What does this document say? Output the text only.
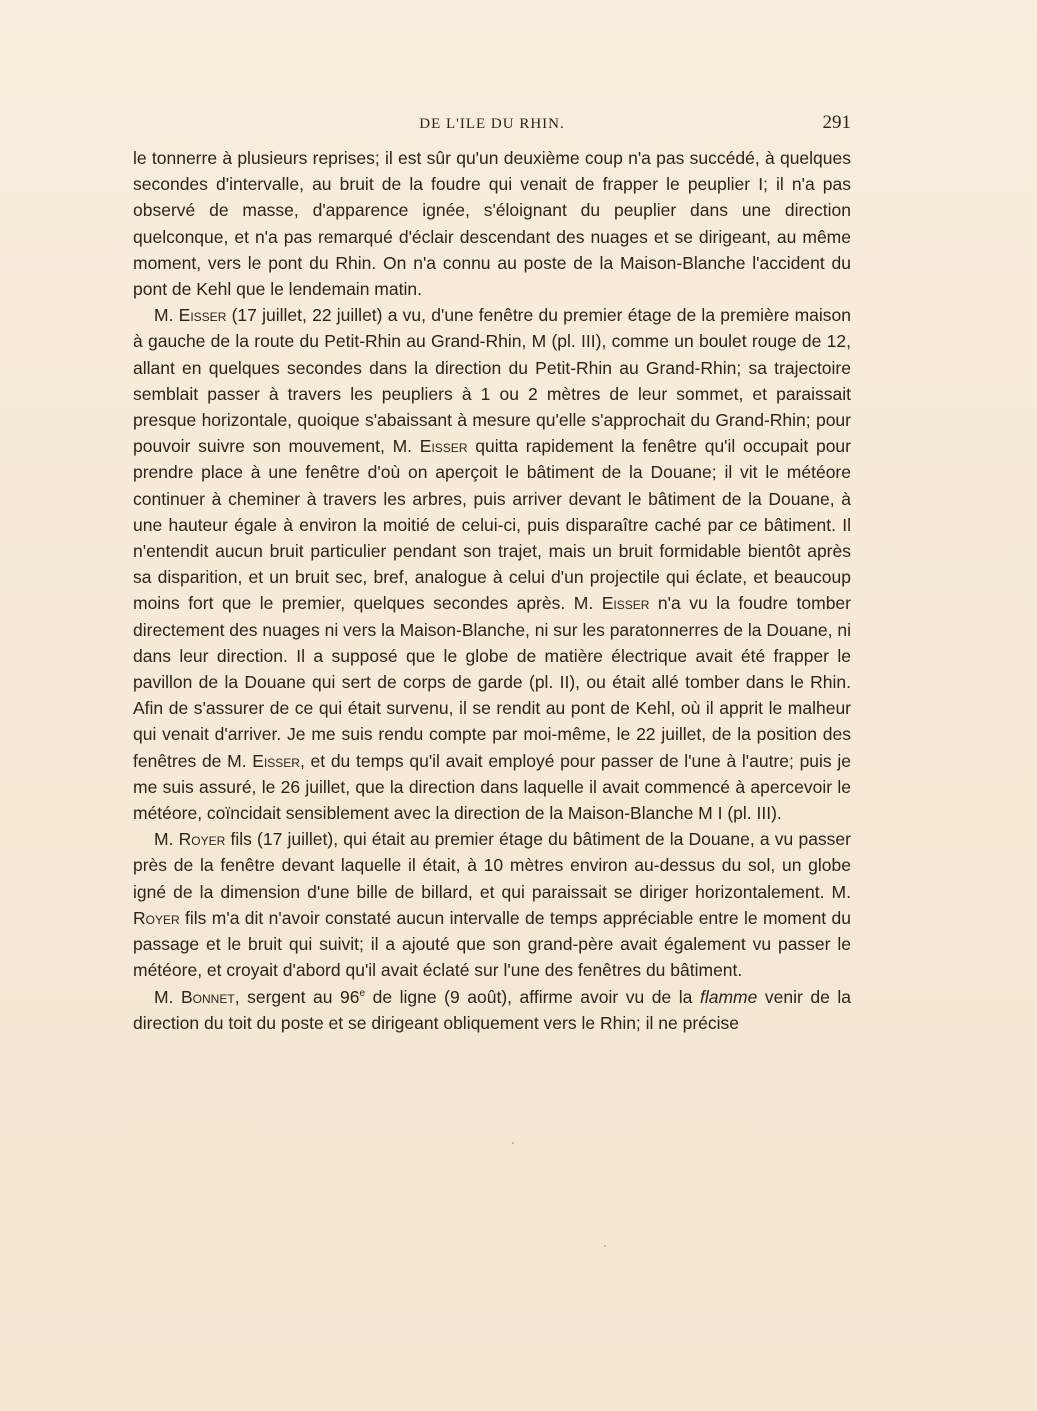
DE L'ILE DU RHIN.	291

le tonnerre à plusieurs reprises; il est sûr qu'un deuxième coup n'a pas succédé, à quelques secondes d'intervalle, au bruit de la foudre qui venait de frapper le peuplier I; il n'a pas observé de masse, d'apparence ignée, s'éloignant du peuplier dans une direction quelconque, et n'a pas remarqué d'éclair descendant des nuages et se dirigeant, au même moment, vers le pont du Rhin. On n'a connu au poste de la Maison-Blanche l'accident du pont de Kehl que le lendemain matin.

M. Eisser (17 juillet, 22 juillet) a vu, d'une fenêtre du premier étage de la première maison à gauche de la route du Petit-Rhin au Grand-Rhin, M (pl. III), comme un boulet rouge de 12, allant en quelques secondes dans la direction du Petit-Rhin au Grand-Rhin; sa trajectoire semblait passer à travers les peupliers à 1 ou 2 mètres de leur sommet, et paraissait presque horizontale, quoique s'abaissant à mesure qu'elle s'approchait du Grand-Rhin; pour pouvoir suivre son mouvement, M. Eisser quitta rapidement la fenêtre qu'il occupait pour prendre place à une fenêtre d'où on aperçoit le bâtiment de la Douane; il vit le météore continuer à cheminer à travers les arbres, puis arriver devant le bâtiment de la Douane, à une hauteur égale à environ la moitié de celui-ci, puis disparaître caché par ce bâtiment. Il n'entendit aucun bruit particulier pendant son trajet, mais un bruit formidable bientôt après sa disparition, et un bruit sec, bref, analogue à celui d'un projectile qui éclate, et beaucoup moins fort que le premier, quelques secondes après. M. Eisser n'a vu la foudre tomber directement des nuages ni vers la Maison-Blanche, ni sur les paratonnerres de la Douane, ni dans leur direction. Il a supposé que le globe de matière électrique avait été frapper le pavillon de la Douane qui sert de corps de garde (pl. II), ou était allé tomber dans le Rhin. Afin de s'assurer de ce qui était survenu, il se rendit au pont de Kehl, où il apprit le malheur qui venait d'arriver. Je me suis rendu compte par moi-même, le 22 juillet, de la position des fenêtres de M. Eisser, et du temps qu'il avait employé pour passer de l'une à l'autre; puis je me suis assuré, le 26 juillet, que la direction dans laquelle il avait commencé à apercevoir le météore, coïncidait sensiblement avec la direction de la Maison-Blanche M I (pl. III).

M. Royer fils (17 juillet), qui était au premier étage du bâtiment de la Douane, a vu passer près de la fenêtre devant laquelle il était, à 10 mètres environ au-dessus du sol, un globe igné de la dimension d'une bille de billard, et qui paraissait se diriger horizontalement. M. Royer fils m'a dit n'avoir constaté aucun intervalle de temps appréciable entre le moment du passage et le bruit qui suivit; il a ajouté que son grand-père avait également vu passer le météore, et croyait d'abord qu'il avait éclaté sur l'une des fenêtres du bâtiment.

M. Bonnet, sergent au 96e de ligne (9 août), affirme avoir vu de la flamme venir de la direction du toit du poste et se dirigeant obliquement vers le Rhin; il ne précise
